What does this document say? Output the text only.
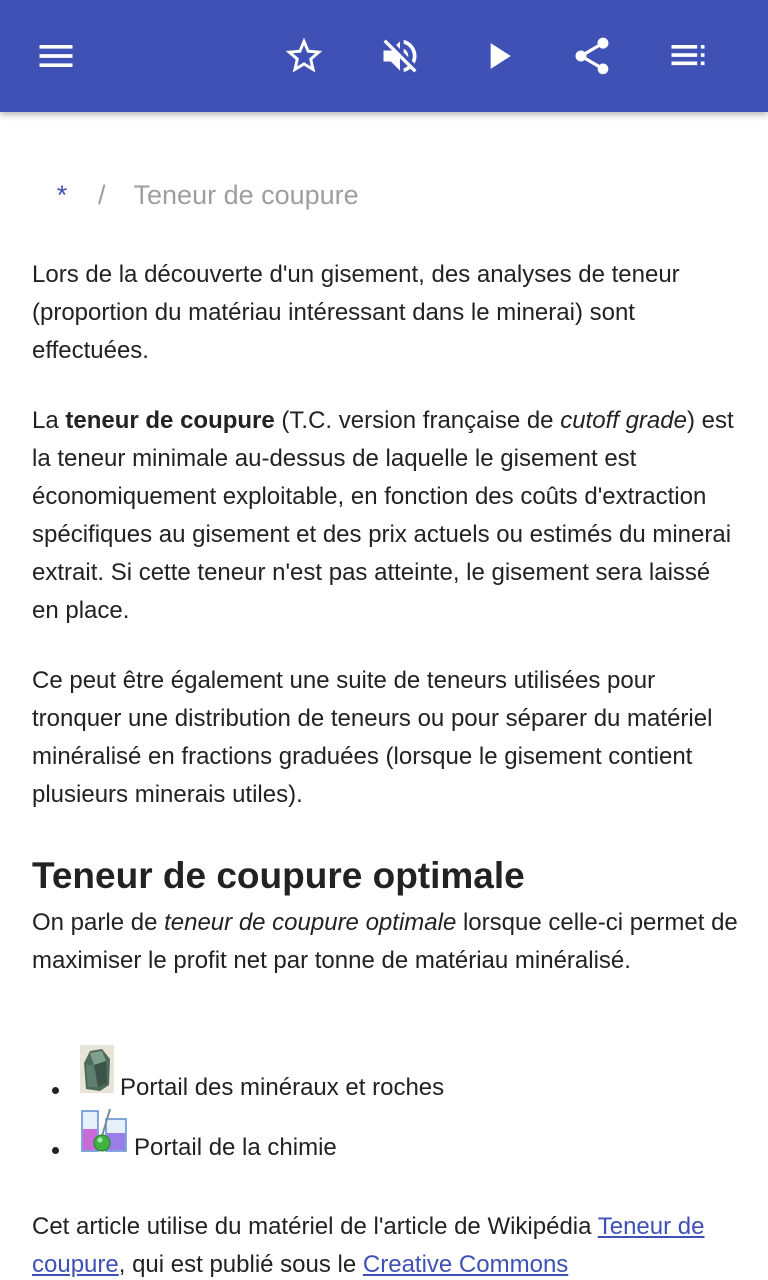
* / Teneur de coupure

Lors de la découverte d'un gisement, des analyses de teneur (proportion du matériau intéressant dans le minerai) sont effectuées.

La teneur de coupure (T.C. version française de cutoff grade) est la teneur minimale au-dessus de laquelle le gisement est économiquement exploitable, en fonction des coûts d'extraction spécifiques au gisement et des prix actuels ou estimés du minerai extrait. Si cette teneur n'est pas atteinte, le gisement sera laissé en place.

Ce peut être également une suite de teneurs utilisées pour tronquer une distribution de teneurs ou pour séparer du matériel minéralisé en fractions graduées (lorsque le gisement contient plusieurs minerais utiles).

Teneur de coupure optimale

On parle de teneur de coupure optimale lorsque celle-ci permet de maximiser le profit net par tonne de matériau minéralisé.

Portail des minéraux et roches
Portail de la chimie

Cet article utilise du matériel de l'article de Wikipédia Teneur de coupure, qui est publié sous le Creative Commons
